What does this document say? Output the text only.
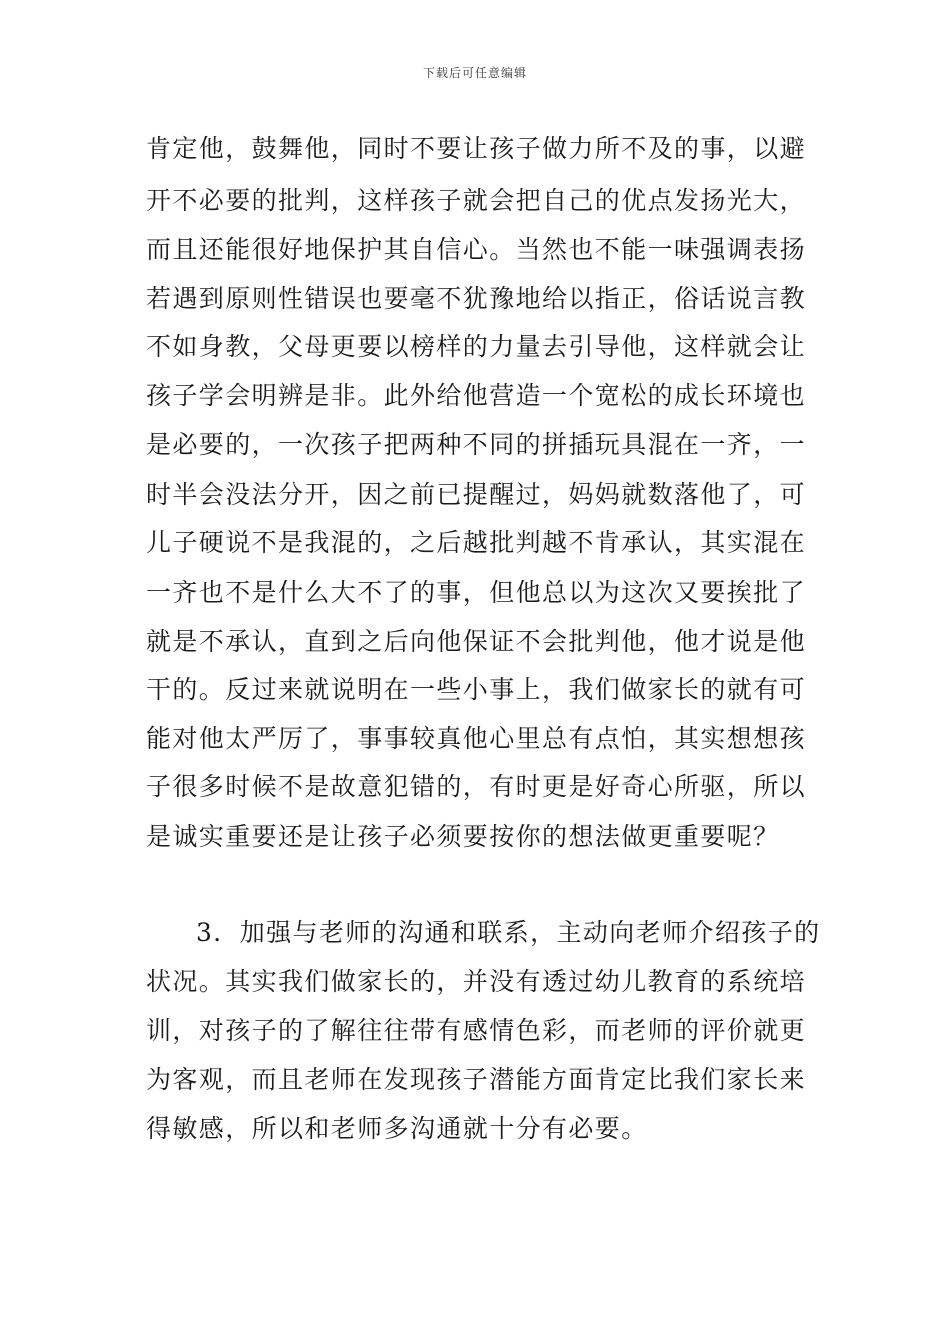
下载后可任意编辑
肯定他，鼓舞他，同时不要让孩子做力所不及的事，以避
开不必要的批判，这样孩子就会把自己的优点发扬光大，
而且还能很好地保护其自信心。当然也不能一味强调表扬
若遇到原则性错误也要毫不犹豫地给以指正，俗话说言教
不如身教，父母更要以榜样的力量去引导他，这样就会让
孩子学会明辨是非。此外给他营造一个宽松的成长环境也
是必要的，一次孩子把两种不同的拼插玩具混在一齐，一
时半会没法分开，因之前已提醒过，妈妈就数落他了，可
儿子硬说不是我混的，之后越批判越不肯承认，其实混在
一齐也不是什么大不了的事，但他总以为这次又要挨批了
就是不承认，直到之后向他保证不会批判他，他才说是他
干的。反过来就说明在一些小事上，我们做家长的就有可
能对他太严厉了，事事较真他心里总有点怕，其实想想孩
子很多时候不是故意犯错的，有时更是好奇心所驱，所以
是诚实重要还是让孩子必须要按你的想法做更重要呢？
3．加强与老师的沟通和联系，主动向老师介绍孩子的
状况。其实我们做家长的，并没有透过幼儿教育的系统培
训，对孩子的了解往往带有感情色彩，而老师的评价就更
为客观，而且老师在发现孩子潜能方面肯定比我们家长来
得敏感，所以和老师多沟通就十分有必要。
